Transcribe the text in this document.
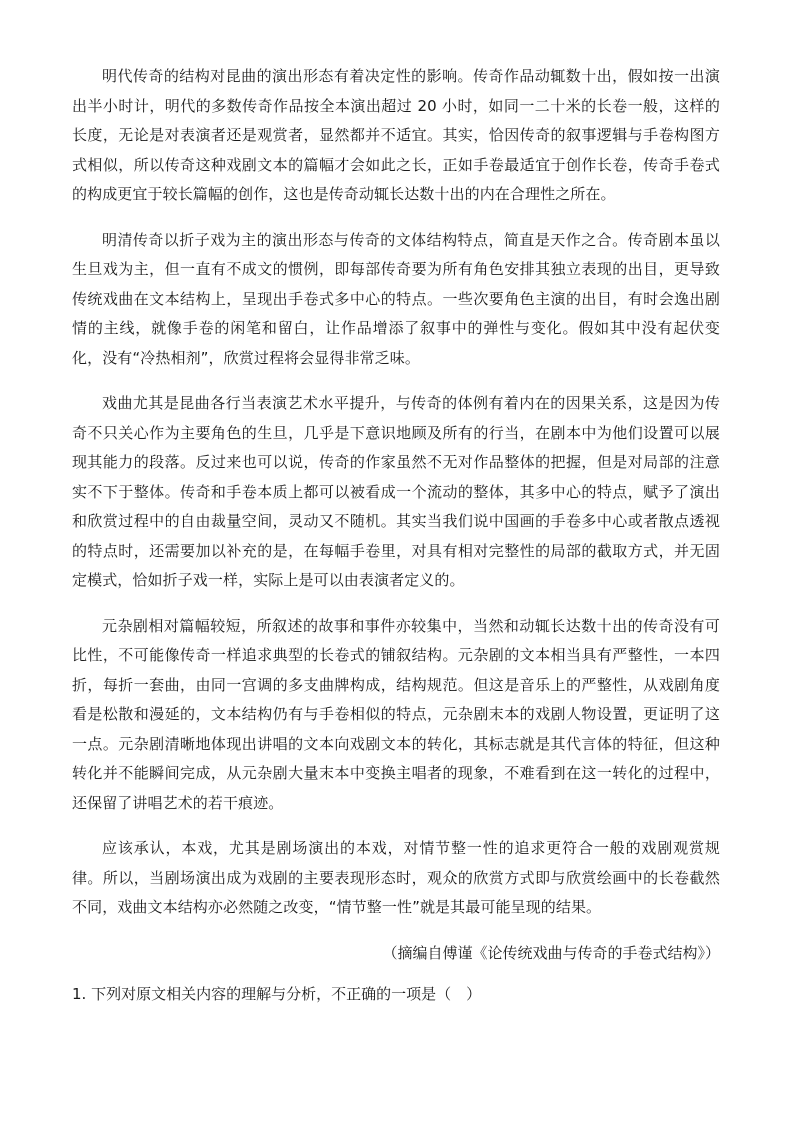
明代传奇的结构对昆曲的演出形态有着决定性的影响。传奇作品动辄数十出，假如按一出演出半小时计，明代的多数传奇作品按全本演出超过 20 小时，如同一二十米的长卷一般，这样的长度，无论是对表演者还是观赏者，显然都并不适宜。其实，恰因传奇的叙事逻辑与手卷构图方式相似，所以传奇这种戏剧文本的篇幅才会如此之长，正如手卷最适宜于创作长卷，传奇手卷式的构成更宜于较长篇幅的创作，这也是传奇动辄长达数十出的内在合理性之所在。

明清传奇以折子戏为主的演出形态与传奇的文体结构特点，简直是天作之合。传奇剧本虽以生旦戏为主，但一直有不成文的惯例，即每部传奇要为所有角色安排其独立表现的出目，更导致传统戏曲在文本结构上，呈现出手卷式多中心的特点。一些次要角色主演的出目，有时会逸出剧情的主线，就像手卷的闲笔和留白，让作品增添了叙事中的弹性与变化。假如其中没有起伏变化，没有“冷热相剂”，欣赏过程将会显得非常乏味。

戏曲尤其是昆曲各行当表演艺术水平提升，与传奇的体例有着内在的因果关系，这是因为传奇不只关心作为主要角色的生旦，几乎是下意识地顾及所有的行当，在剧本中为他们设置可以展现其能力的段落。反过来也可以说，传奇的作家虽然不无对作品整体的把握，但是对局部的注意实不下于整体。传奇和手卷本质上都可以被看成一个流动的整体，其多中心的特点，赋予了演出和欣赏过程中的自由裁量空间，灵动又不随机。其实当我们说中国画的手卷多中心或者散点透视的特点时，还需要加以补充的是，在每幅手卷里，对具有相对完整性的局部的截取方式，并无固定模式，恰如折子戏一样，实际上是可以由表演者定义的。

元杂剧相对篇幅较短，所叙述的故事和事件亦较集中，当然和动辄长达数十出的传奇没有可比性，不可能像传奇一样追求典型的长卷式的铺叙结构。元杂剧的文本相当具有严整性，一本四折，每折一套曲，由同一宫调的多支曲牌构成，结构规范。但这是音乐上的严整性，从戏剧角度看是松散和漫延的，文本结构仍有与手卷相似的特点，元杂剧末本的戏剧人物设置，更证明了这一点。元杂剧清晰地体现出讲唱的文本向戏剧文本的转化，其标志就是其代言体的特征，但这种转化并不能瞬间完成，从元杂剧大量末本中变换主唱者的现象，不难看到在这一转化的过程中，还保留了讲唱艺术的若干痕迹。

应该承认，本戏，尤其是剧场演出的本戏，对情节整一性的追求更符合一般的戏剧观赏规律。所以，当剧场演出成为戏剧的主要表现形态时，观众的欣赏方式即与欣赏绘画中的长卷截然不同，戏曲文本结构亦必然随之改变，“情节整一性”就是其最可能呈现的结果。

（摘编自傅谨《论传统戏曲与传奇的手卷式结构》）

1. 下列对原文相关内容的理解与分析，不正确的一项是（　）
